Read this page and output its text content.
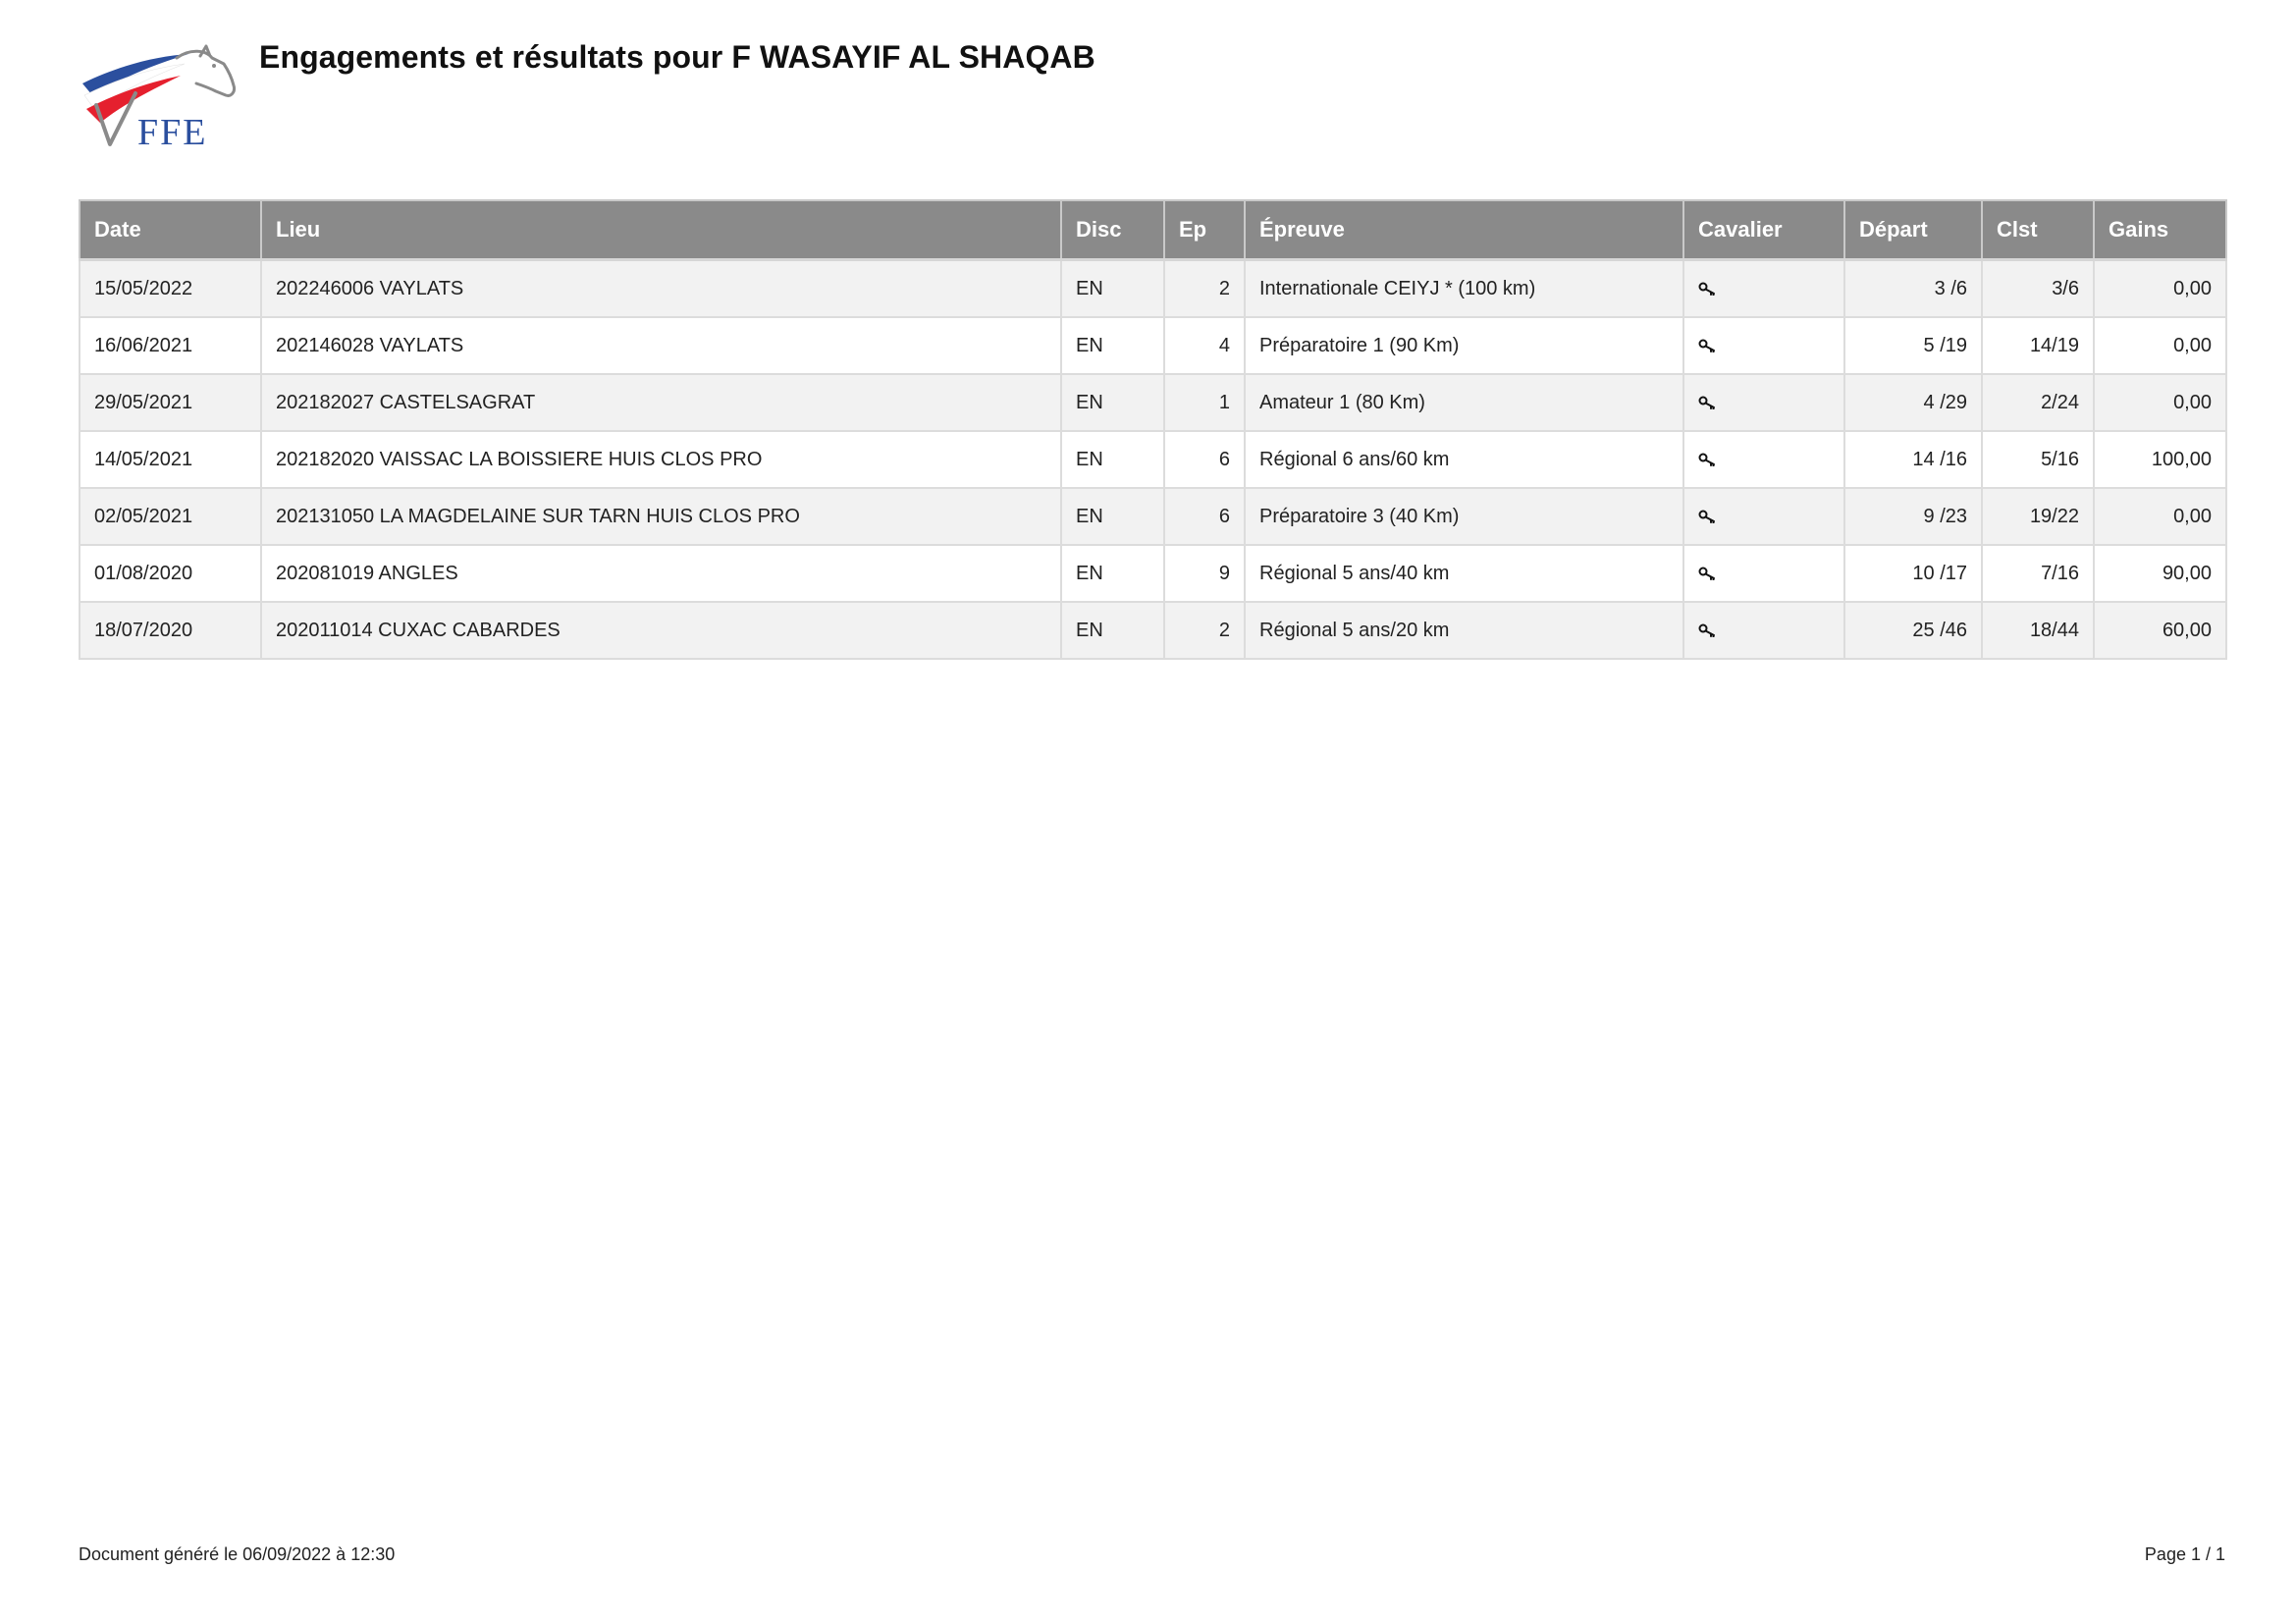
FFE
Engagements et résultats pour F WASAYIF AL SHAQAB
Date	Lieu	Disc	Ep	Épreuve	Cavalier	Départ	Clst	Gains
15/05/2022	202246006 VAYLATS	EN	2	Internationale CEIYJ * (100 km)		3 /6	3/6	0,00
16/06/2021	202146028 VAYLATS	EN	4	Préparatoire 1 (90 Km)		5 /19	14/19	0,00
29/05/2021	202182027 CASTELSAGRAT	EN	1	Amateur 1 (80 Km)		4 /29	2/24	0,00
14/05/2021	202182020 VAISSAC LA BOISSIERE HUIS CLOS PRO	EN	6	Régional 6 ans/60 km		14 /16	5/16	100,00
02/05/2021	202131050 LA MAGDELAINE SUR TARN HUIS CLOS PRO	EN	6	Préparatoire 3 (40 Km)		9 /23	19/22	0,00
01/08/2020	202081019 ANGLES	EN	9	Régional 5 ans/40 km		10 /17	7/16	90,00
18/07/2020	202011014 CUXAC CABARDES	EN	2	Régional 5 ans/20 km		25 /46	18/44	60,00
Document généré le 06/09/2022 à 12:30	Page 1 / 1
